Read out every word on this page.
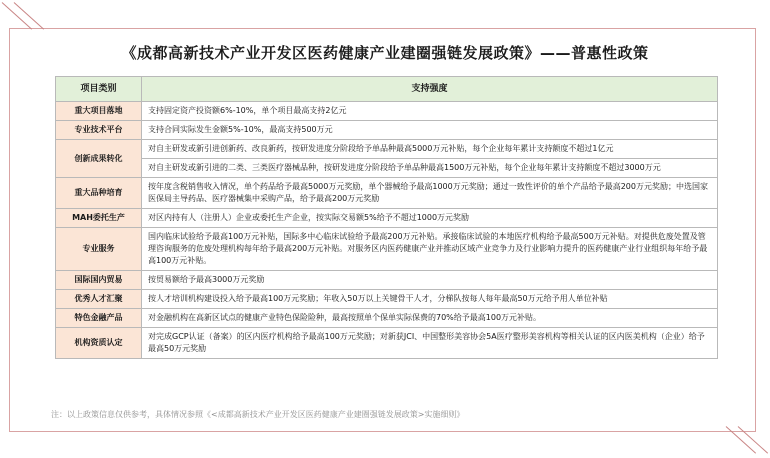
《成都高新技术产业开发区医药健康产业建圈强链发展政策》——普惠性政策
项目类别	支持强度
重大项目落地	支持固定资产投资额6%-10%，单个项目最高支持2亿元
专业技术平台	支持合同实际发生金额5%-10%，最高支持500万元
创新成果转化	对自主研发或新引进创新药、改良新药，按研发进度分阶段给予单品种最高5000万元补贴，每个企业每年累计支持额度不超过1亿元
	对自主研发或新引进的二类、三类医疗器械品种，按研发进度分阶段给予单品种最高1500万元补贴，每个企业每年累计支持额度不超过3000万元
重大品种培育	按年度含税销售收入情况，单个药品给予最高5000万元奖励，单个器械给予最高1000万元奖励；通过一致性评价的单个产品给予最高200万元奖励；中选国家医保局主导药品、医疗器械集中采购产品，给予最高200万元奖励
MAH委托生产	对区内持有人（注册人）企业或委托生产企业，按实际交易额5%给予不超过1000万元奖励
专业服务	国内临床试验给予最高100万元补贴，国际多中心临床试验给予最高200万元补贴。承接临床试验的本地医疗机构给予最高500万元补贴。对提供危废处置及管理咨询服务的危废处理机构每年给予最高200万元补贴。对服务区内医药健康产业并推动区域产业竞争力及行业影响力提升的医药健康产业行业组织每年给予最高100万元补贴。
国际国内贸易	按贸易额给予最高3000万元奖励
优秀人才汇聚	按人才培训机构建设投入给予最高100万元奖励；年收入50万以上关键骨干人才，分梯队按每人每年最高50万元给予用人单位补贴
特色金融产品	对金融机构在高新区试点的健康产业特色保险险种，最高按照单个保单实际保费的70%给予最高100万元补贴。
机构资质认定	对完成GCP认证（备案）的区内医疗机构给予最高100万元奖励；对新获JCI、中国整形美容协会5A医疗整形美容机构等相关认证的区内医美机构（企业）给予最高50万元奖励
注：以上政策信息仅供参考，具体情况参照《<成都高新技术产业开发区医药健康产业建圈强链发展政策>实施细则》
